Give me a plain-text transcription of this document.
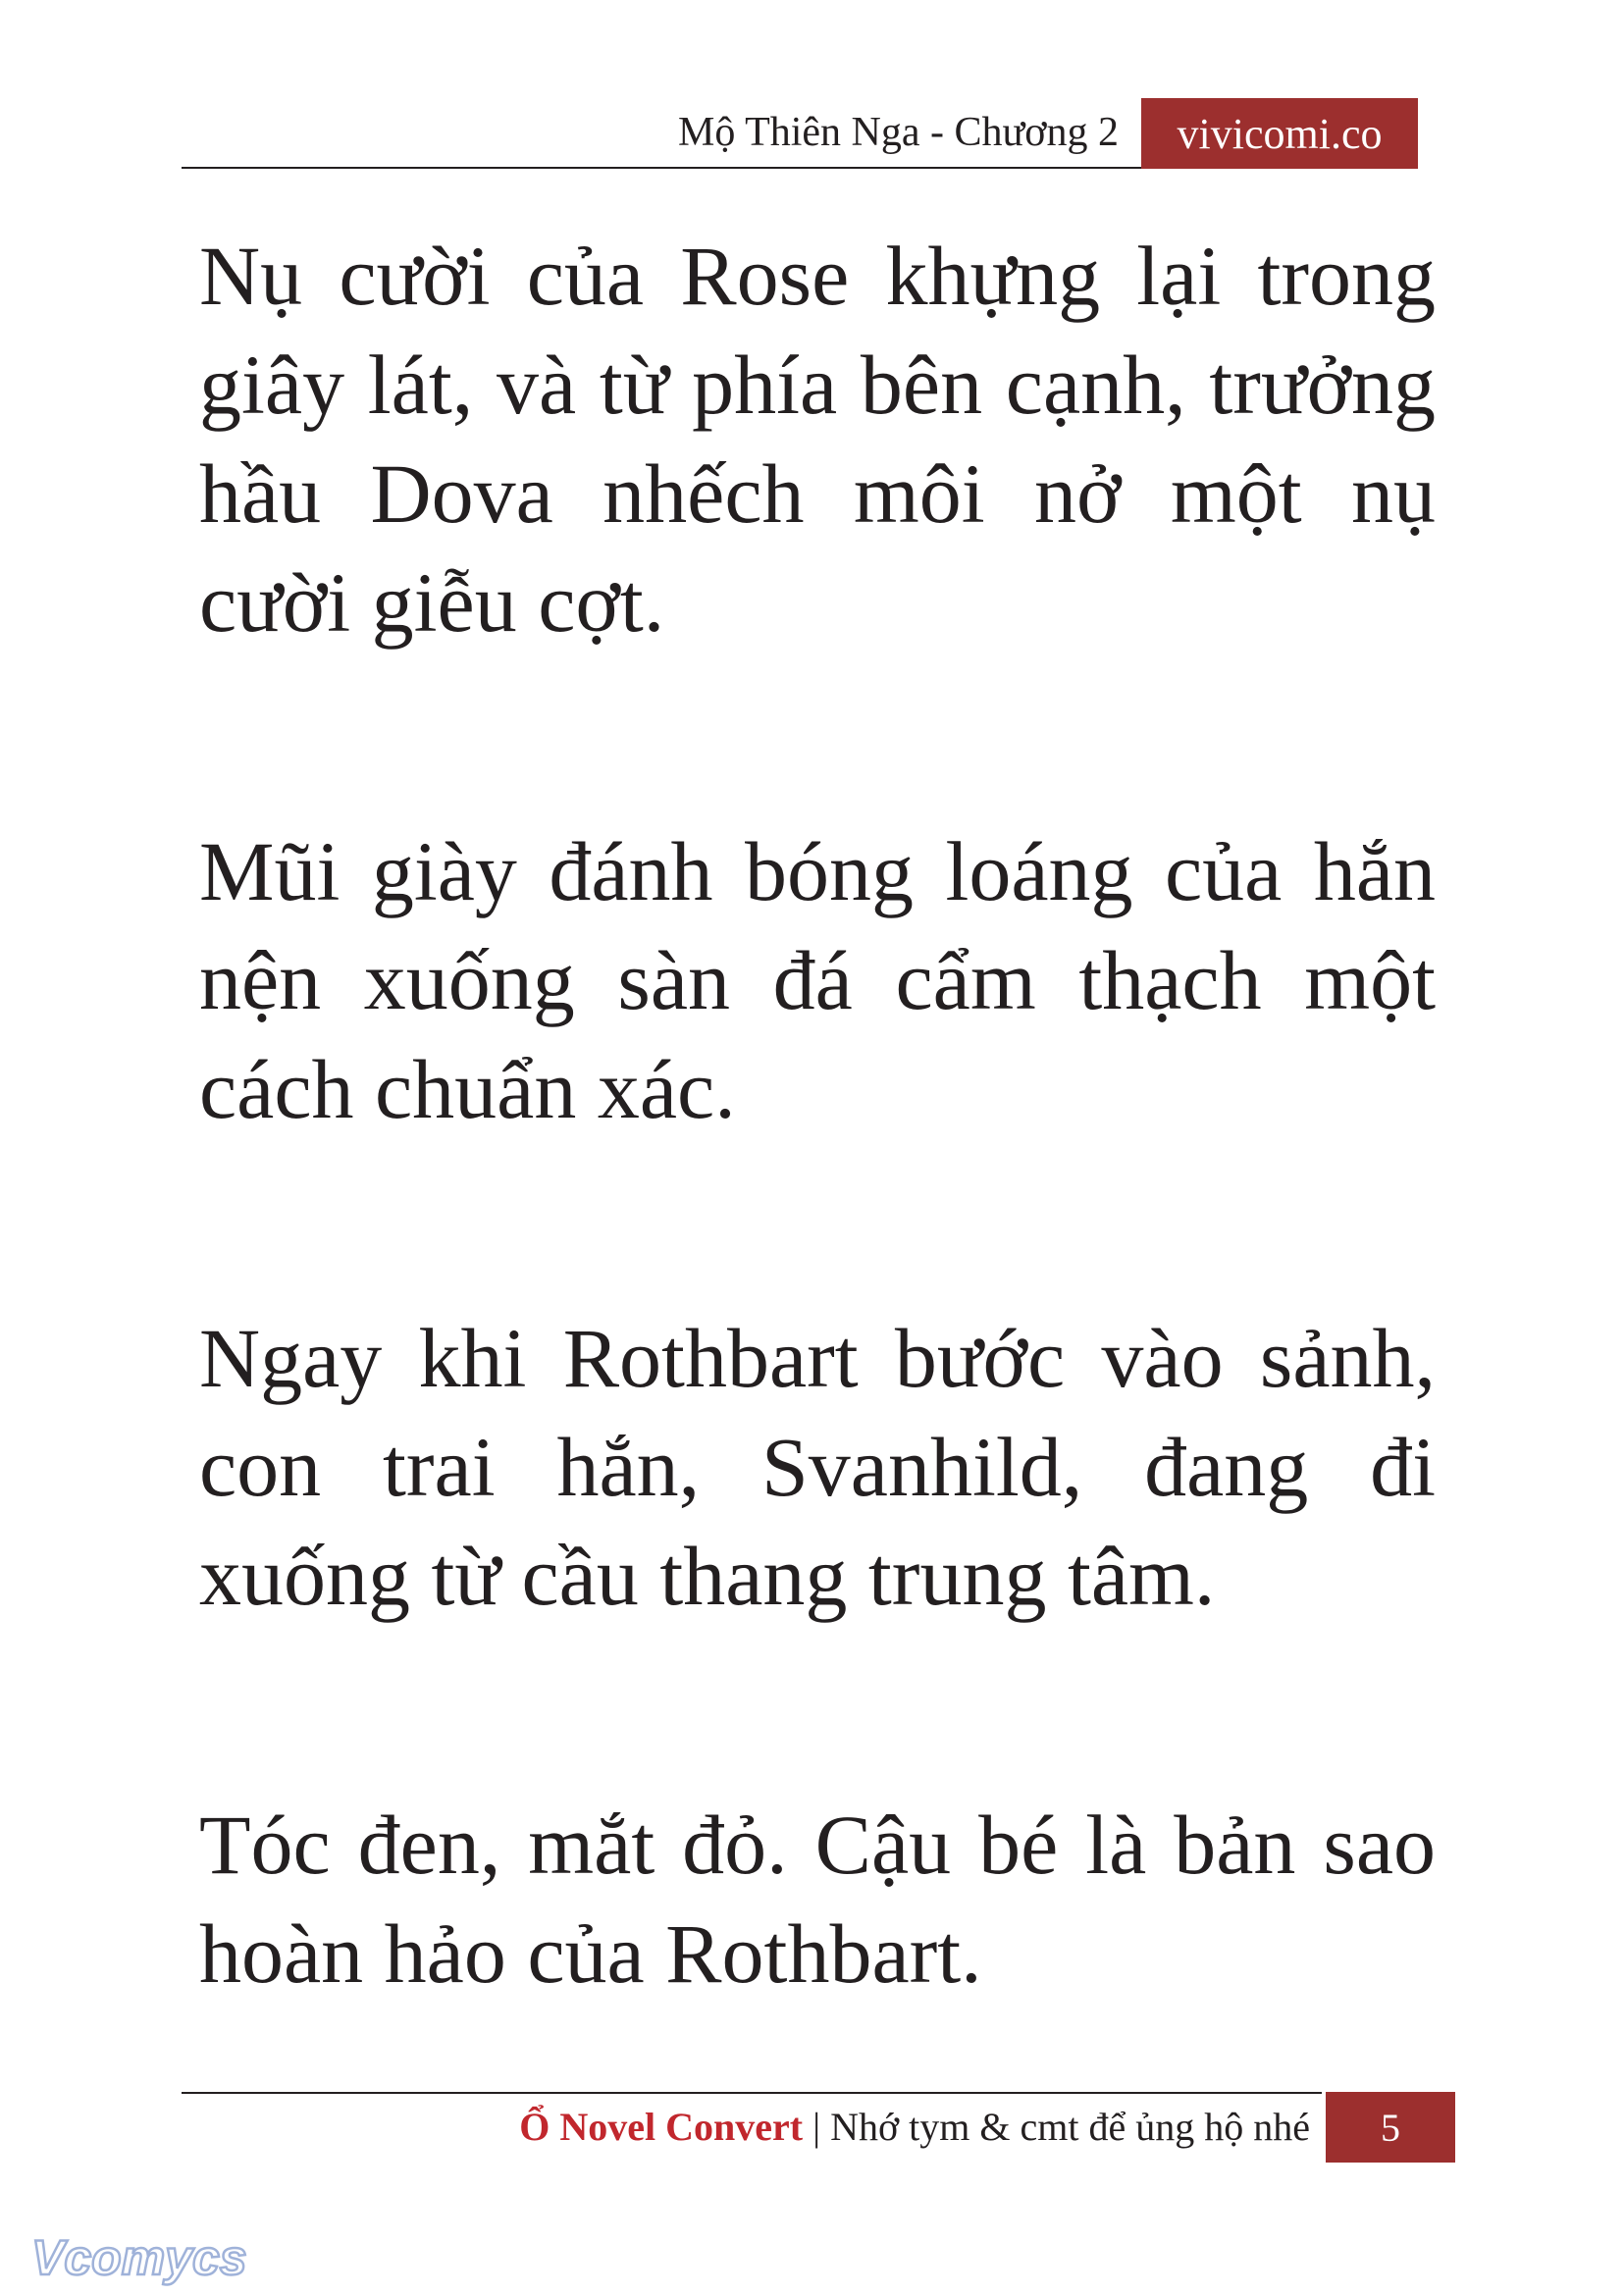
Mộ Thiên Nga - Chương 2	vivicomi.co

Nụ cười của Rose khựng lại trong giây lát, và từ phía bên cạnh, trưởng hầu Dova nhếch môi nở một nụ cười giễu cợt.

Mũi giày đánh bóng loáng của hắn nện xuống sàn đá cẩm thạch một cách chuẩn xác.

Ngay khi Rothbart bước vào sảnh, con trai hắn, Svanhild, đang đi xuống từ cầu thang trung tâm.

Tóc đen, mắt đỏ. Cậu bé là bản sao hoàn hảo của Rothbart.

Ổ Novel Convert | Nhớ tym & cmt để ủng hộ nhé	5
Vcomycs
